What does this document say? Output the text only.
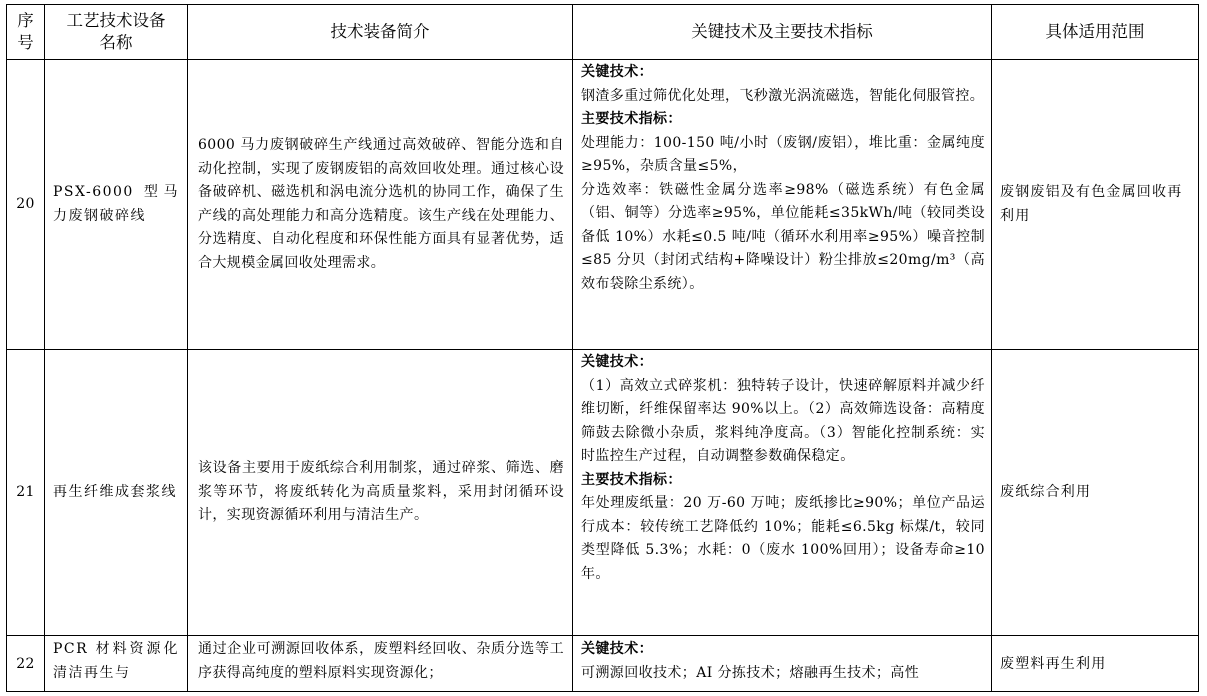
序号	工艺技术设备名称	技术装备简介	关键技术及主要技术指标	具体适用范围
20	PSX-6000 型马力废钢破碎线	6000 马力废钢破碎生产线通过高效破碎、智能分选和自动化控制，实现了废钢废铝的高效回收处理。通过核心设备破碎机、磁选机和涡电流分选机的协同工作，确保了生产线的高处理能力和高分选精度。该生产线在处理能力、分选精度、自动化程度和环保性能方面具有显著优势，适合大规模金属回收处理需求。	关键技术：
钢渣多重过筛优化处理，飞秒激光涡流磁选，智能化伺服管控。
主要技术指标：
处理能力：100-150 吨/小时（废钢/废铝），堆比重：金属纯度≥95%，杂质含量≤5%，
分选效率：铁磁性金属分选率≥98%（磁选系统）有色金属（铝、铜等）分选率≥95%，单位能耗≤35kWh/吨（较同类设备低 10%）水耗≤0.5 吨/吨（循环水利用率≥95%）噪音控制≤85 分贝（封闭式结构+降噪设计）粉尘排放≤20mg/m³（高效布袋除尘系统）。	废钢废铝及有色金属回收再利用
21	再生纤维成套浆线	该设备主要用于废纸综合利用制浆，通过碎浆、筛选、磨浆等环节，将废纸转化为高质量浆料，采用封闭循环设计，实现资源循环利用与清洁生产。	关键技术：
（1）高效立式碎浆机：独特转子设计，快速碎解原料并减少纤维切断，纤维保留率达 90%以上。（2）高效筛选设备：高精度筛鼓去除微小杂质，浆料纯净度高。（3）智能化控制系统：实时监控生产过程，自动调整参数确保稳定。
主要技术指标：
年处理废纸量：20 万-60 万吨；废纸掺比≥90%；单位产品运行成本：较传统工艺降低约 10%；能耗≤6.5kg 标煤/t，较同类型降低 5.3%；水耗：0（废水 100%回用）；设备寿命≥10 年。	废纸综合利用
22	PCR 材料资源化清洁再生与	通过企业可溯源回收体系，废塑料经回收、杂质分选等工序获得高纯度的塑料原料实现资源化；	关键技术：
可溯源回收技术；AI 分拣技术；熔融再生技术；高性	废塑料再生利用
